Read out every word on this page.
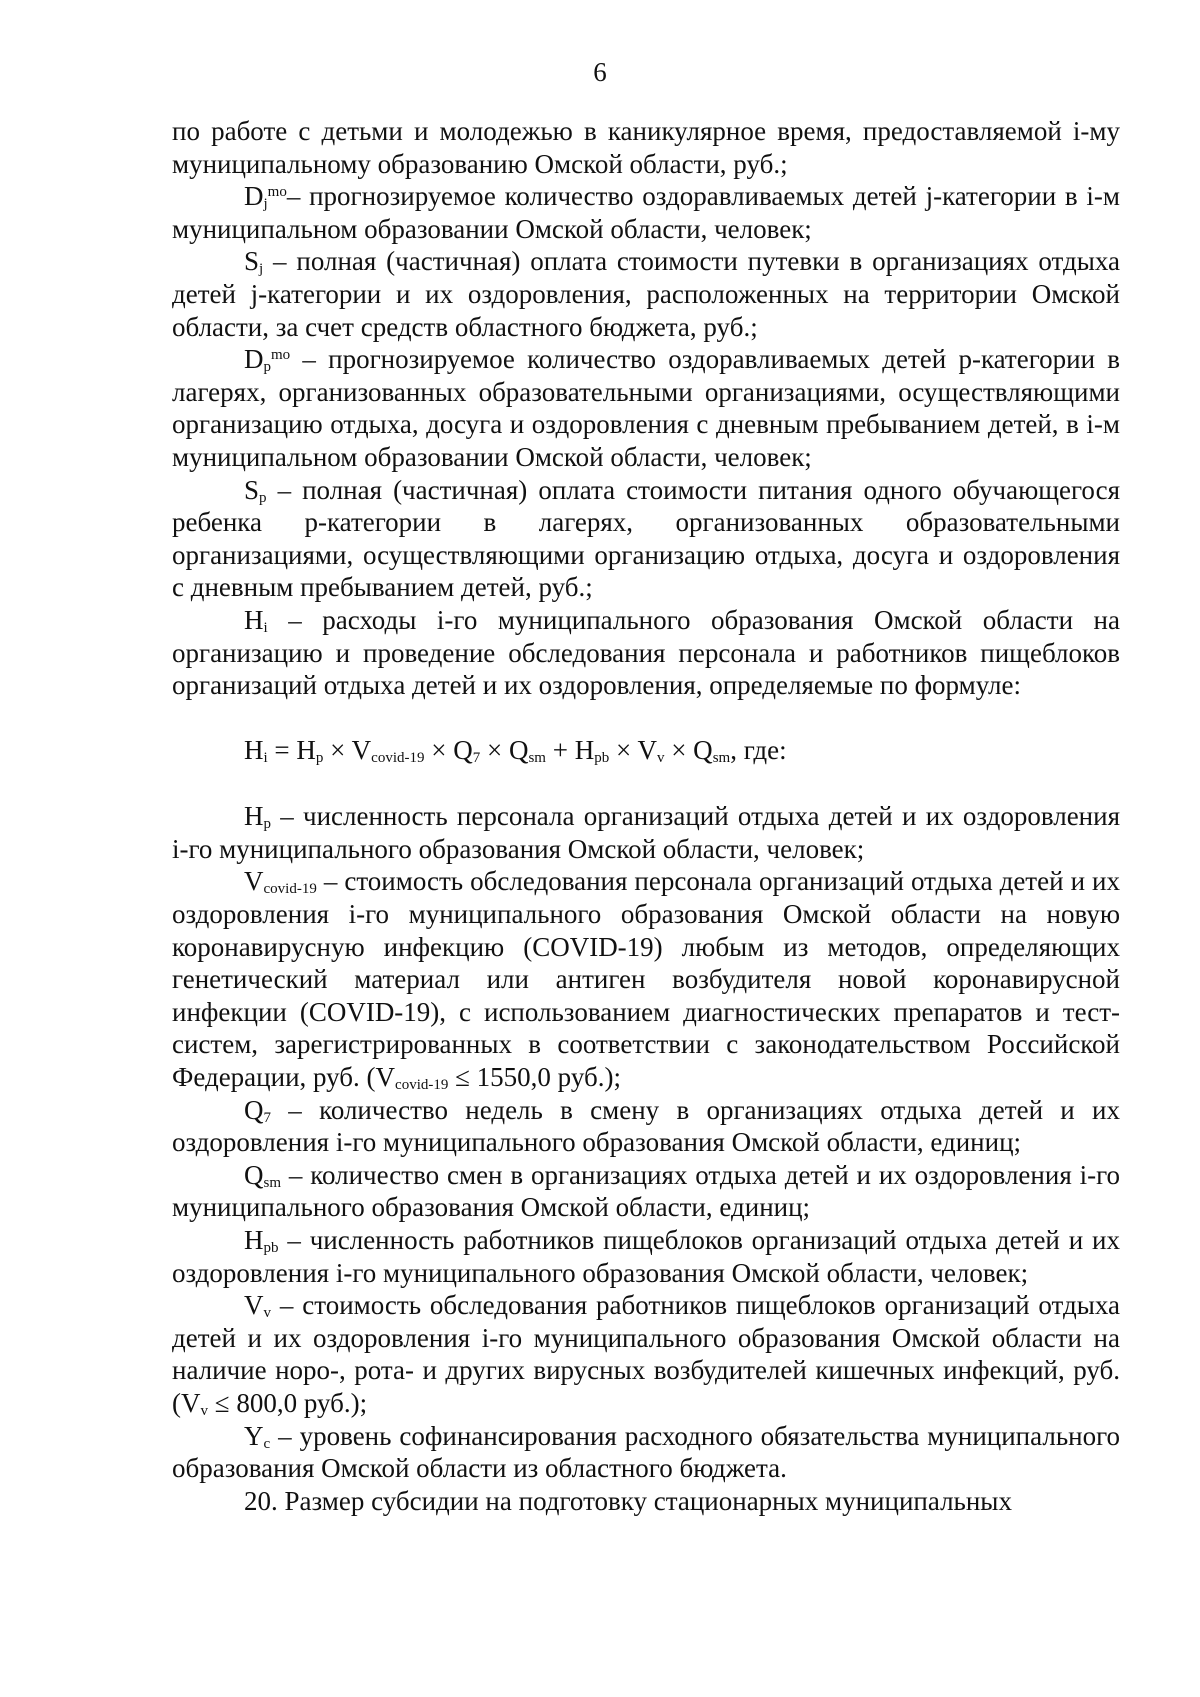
6

по работе с детьми и молодежью в каникулярное время, предоставляемой i-му муниципальному образованию Омской области, руб.;

$D_j^{mo}-$ прогнозируемое количество оздоравливаемых детей j-категории в i-м муниципальном образовании Омской области, человек;

$S_j$ – полная (частичная) оплата стоимости путевки в организациях отдыха детей j-категории и их оздоровления, расположенных на территории Омской области, за счет средств областного бюджета, руб.;

$D_p^{mo}$ – прогнозируемое количество оздоравливаемых детей p-категории в лагерях, организованных образовательными организациями, осуществляющими организацию отдыха, досуга и оздоровления с дневным пребыванием детей, в i-м муниципальном образовании Омской области, человек;

$S_p$ – полная (частичная) оплата стоимости питания одного обучающегося ребенка p-категории в лагерях, организованных образовательными организациями, осуществляющими организацию отдыха, досуга и оздоровления с дневным пребыванием детей, руб.;

$H_i$ – расходы i-го муниципального образования Омской области на организацию и проведение обследования персонала и работников пищеблоков организаций отдыха детей и их оздоровления, определяемые по формуле:

$H_i = H_p \times V_{covid-19} \times Q_7 \times Q_{sm} + H_{pb} \times V_v \times Q_{sm}$, где:

$H_p$ – численность персонала организаций отдыха детей и их оздоровления i-го муниципального образования Омской области, человек;

$V_{covid-19}$ – стоимость обследования персонала организаций отдыха детей и их оздоровления i-го муниципального образования Омской области на новую коронавирусную инфекцию (COVID-19) любым из методов, определяющих генетический материал или антиген возбудителя новой коронавирусной инфекции (COVID-19), с использованием диагностических препаратов и тест-систем, зарегистрированных в соответствии с законодательством Российской Федерации, руб. ($V_{covid-19} \le 1550,0$ руб.);

$Q_7$ – количество недель в смену в организациях отдыха детей и их оздоровления i-го муниципального образования Омской области, единиц;

$Q_{sm}$ – количество смен в организациях отдыха детей и их оздоровления i-го муниципального образования Омской области, единиц;

$H_{pb}$ – численность работников пищеблоков организаций отдыха детей и их оздоровления i-го муниципального образования Омской области, человек;

$V_v$ – стоимость обследования работников пищеблоков организаций отдыха детей и их оздоровления i-го муниципального образования Омской области на наличие норо-, рота- и других вирусных возбудителей кишечных инфекций, руб. ($V_v \le 800,0$ руб.);

$Y_c$ – уровень софинансирования расходного обязательства муниципального образования Омской области из областного бюджета.

20. Размер субсидии на подготовку стационарных муниципальных
